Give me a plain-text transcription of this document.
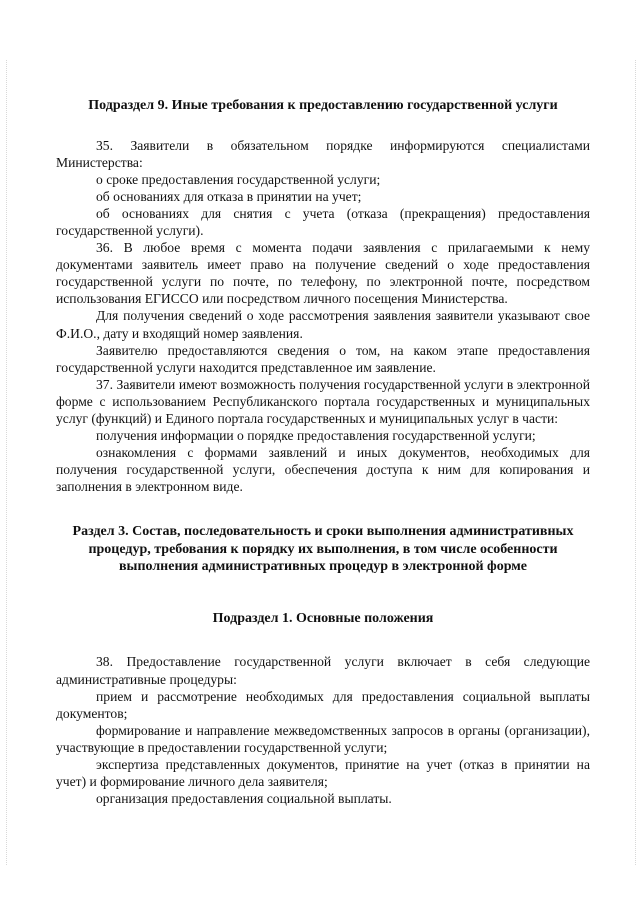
Подраздел 9. Иные требования к предоставлению государственной услуги

35. Заявители в обязательном порядке информируются специалистами Министерства:

о сроке предоставления государственной услуги;

об основаниях для отказа в принятии на учет;

об основаниях для снятия с учета (отказа (прекращения) предоставления государственной услуги).

36. В любое время с момента подачи заявления с прилагаемыми к нему документами заявитель имеет право на получение сведений о ходе предоставления государственной услуги по почте, по телефону, по электронной почте, посредством использования ЕГИССО или посредством личного посещения Министерства.

Для получения сведений о ходе рассмотрения заявления заявители указывают свое Ф.И.О., дату и входящий номер заявления.

Заявителю предоставляются сведения о том, на каком этапе предоставления государственной услуги находится представленное им заявление.

37. Заявители имеют возможность получения государственной услуги в электронной форме с использованием Республиканского портала государственных и муниципальных услуг (функций) и Единого портала государственных и муниципальных услуг в части:

получения информации о порядке предоставления государственной услуги;

ознакомления с формами заявлений и иных документов, необходимых для получения государственной услуги, обеспечения доступа к ним для копирования и заполнения в электронном виде.

Раздел 3. Состав, последовательность и сроки выполнения административных процедур, требования к порядку их выполнения, в том числе особенности выполнения административных процедур в электронной форме
Подраздел 1. Основные положения

38. Предоставление государственной услуги включает в себя следующие административные процедуры:

прием и рассмотрение необходимых для предоставления социальной выплаты документов;

формирование и направление межведомственных запросов в органы (организации), участвующие в предоставлении государственной услуги;

экспертиза представленных документов, принятие на учет (отказ в принятии на учет) и формирование личного дела заявителя;

организация предоставления социальной выплаты.
